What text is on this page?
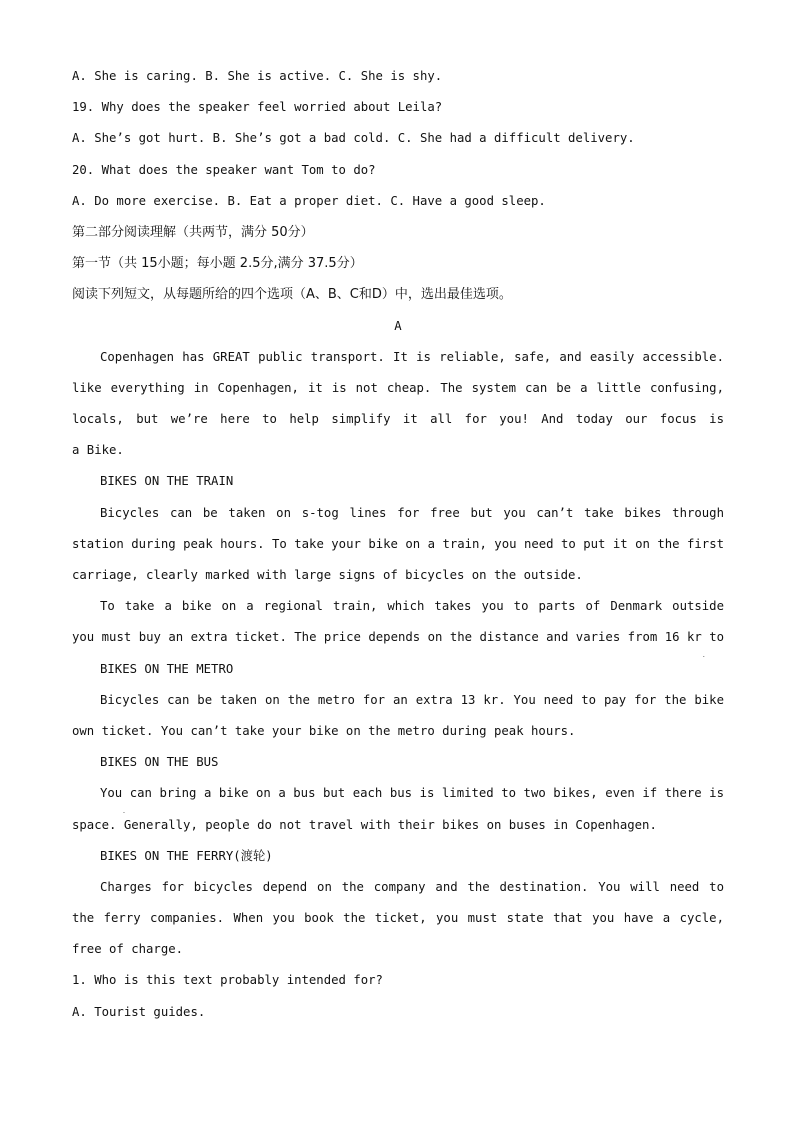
A. She is caring. B. She is active. C. She is shy.
19. Why does the speaker feel worried about Leila?
A. She’s got hurt. B. She’s got a bad cold. C. She had a difficult delivery.
20. What does the speaker want Tom to do?
A. Do more exercise. B. Eat a proper diet. C. Have a good sleep.
第二部分阅读理解（共两节，满分 50分）
第一节（共 15小题；每小题 2.5分,满分 37.5分）
阅读下列短文，从每题所给的四个选项（A、B、C和D）中，选出最佳选项。
A
Copenhagen has GREAT public transport. It is reliable, safe, and easily accessible.
like everything in Copenhagen, it is not cheap. The system can be a little confusing,
locals, but we’re here to help simplify it all for you! And today our focus is
a Bike.
BIKES ON THE TRAIN
Bicycles can be taken on s-tog lines for free but you can’t take bikes through
station during peak hours. To take your bike on a train, you need to put it on the first
carriage, clearly marked with large signs of bicycles on the outside.
To take a bike on a regional train, which takes you to parts of Denmark outside
you must buy an extra ticket. The price depends on the distance and varies from 16 kr to
BIKES ON THE METRO
Bicycles can be taken on the metro for an extra 13 kr. You need to pay for the bike
own ticket. You can’t take your bike on the metro during peak hours.
BIKES ON THE BUS
You can bring a bike on a bus but each bus is limited to two bikes, even if there is
space. Generally, people do not travel with their bikes on buses in Copenhagen.
BIKES ON THE FERRY(渡轮)
Charges for bicycles depend on the company and the destination. You will need to
the ferry companies. When you book the ticket, you must state that you have a cycle,
free of charge.
1. Who is this text probably intended for?
A. Tourist guides.
